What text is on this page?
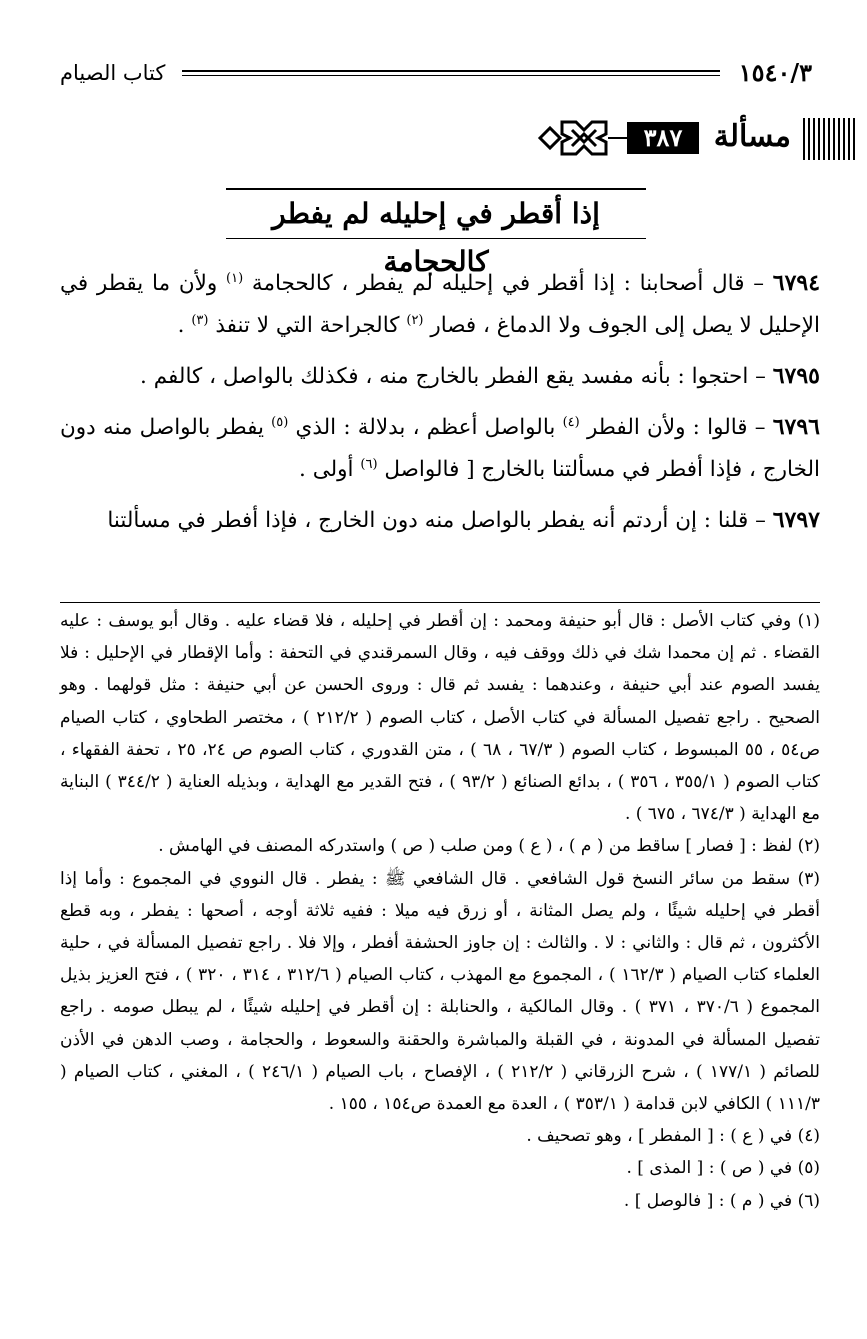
١٥٤٠/٣
كتاب الصيام
مسألة
٣٨٧

إذا أقطر في إحليله لم يفطر كالحجامة

٦٧٩٤ – قال أصحابنا : إذا أقطر في إحليله لم يفطر ، كالحجامة $^{(١)}$ ولأن ما يقطر في الإحليل لا يصل إلى الجوف ولا الدماغ ، فصار $^{(٢)}$ كالجراحة التي لا تنفذ $^{(٣)}$ .

٦٧٩٥ – احتجوا : بأنه مفسد يقع الفطر بالخارج منه ، فكذلك بالواصل ، كالفم .

٦٧٩٦ – قالوا : ولأن الفطر $^{(٤)}$ بالواصل أعظم ، بدلالة : الذي $^{(٥)}$ يفطر بالواصل منه دون الخارج ، فإذا أفطر في مسألتنا بالخارج [ فالواصل $^{(٦)}$ أولى .

٦٧٩٧ – قلنا : إن أردتم أنه يفطر بالواصل منه دون الخارج ، فإذا أفطر في مسألتنا

(١) وفي كتاب الأصل : قال أبو حنيفة ومحمد : إن أقطر في إحليله ، فلا قضاء عليه . وقال أبو يوسف : عليه القضاء . ثم إن محمدا شك في ذلك ووقف فيه ، وقال السمرقندي في التحفة : وأما الإقطار في الإحليل : فلا يفسد الصوم عند أبي حنيفة ، وعندهما : يفسد ثم قال : وروى الحسن عن أبي حنيفة : مثل قولهما . وهو الصحيح . راجع تفصيل المسألة في كتاب الأصل ، كتاب الصوم ( ٢١٢/٢ ) ، مختصر الطحاوي ، كتاب الصيام ص٥٤ ، ٥٥ المبسوط ، كتاب الصوم ( ٦٧/٣ ، ٦٨ ) ، متن القدوري ، كتاب الصوم ص ٢٤، ٢٥ ، تحفة الفقهاء ، كتاب الصوم ( ٣٥٥/١ ، ٣٥٦ ) ، بدائع الصنائع ( ٩٣/٢ ) ، فتح القدير مع الهداية ، وبذيله العناية ( ٣٤٤/٢ ) البناية مع الهداية ( ٦٧٤/٣ ، ٦٧٥ ) .

(٢) لفظ : [ فصار ] ساقط من ( م ) ، ( ع ) ومن صلب ( ص ) واستدركه المصنف في الهامش .

(٣) سقط من سائر النسخ قول الشافعي . قال الشافعي ﷺ : يفطر . قال النووي في المجموع : وأما إذا أقطر في إحليله شيئًا ، ولم يصل المثانة ، أو زرق فيه ميلا : ففيه ثلاثة أوجه ، أصحها : يفطر ، وبه قطع الأكثرون ، ثم قال : والثاني : لا . والثالث : إن جاوز الحشفة أفطر ، وإلا فلا . راجع تفصيل المسألة في ، حلية العلماء كتاب الصيام ( ١٦٢/٣ ) ، المجموع مع المهذب ، كتاب الصيام ( ٣١٢/٦ ، ٣١٤ ، ٣٢٠ ) ، فتح العزيز بذيل المجموع ( ٣٧٠/٦ ، ٣٧١ ) . وقال المالكية ، والحنابلة : إن أقطر في إحليله شيئًا ، لم يبطل صومه . راجع تفصيل المسألة في المدونة ، في القبلة والمباشرة والحقنة والسعوط ، والحجامة ، وصب الدهن في الأذن للصائم ( ١٧٧/١ ) ، شرح الزرقاني ( ٢١٢/٢ ) ، الإفصاح ، باب الصيام ( ٢٤٦/١ ) ، المغني ، كتاب الصيام ( ١١١/٣ ) الكافي لابن قدامة ( ٣٥٣/١ ) ، العدة مع العمدة ص١٥٤ ، ١٥٥ .

(٤) في ( ع ) : [ المفطر ] ، وهو تصحيف .

(٥) في ( ص ) : [ المذى ] .

(٦) في ( م ) : [ فالوصل ] .
